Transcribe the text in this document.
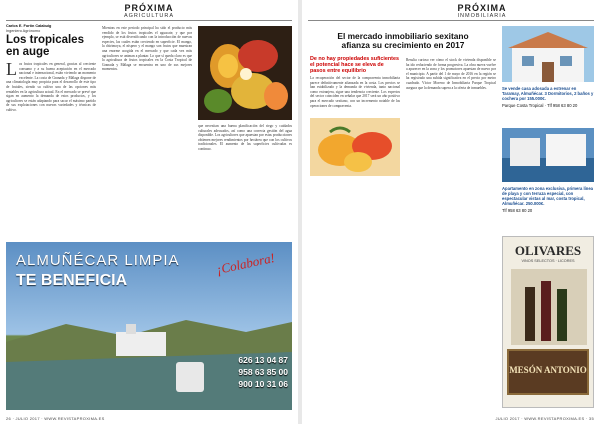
PRÓXIMA
AGRICULTURA
Carlos E. Fortín Calabuig
Ingeniero Agrónomo
Los tropicales
en auge
Los frutos tropicales en general, gracias al creciente consumo y a su buena aceptación en el mercado nacional e internacional, están viviendo un momento excelente. La costa de Granada y Málaga dispone de una climatología muy propicia para el desarrollo de este tipo de frutales, siendo su cultivo una de las opciones más rentables en la agricultura actual. En el mercado se prevé que sigan en aumento la demanda de estos productos, y los agricultores se están adaptando para sacar el máximo partido de sus explotaciones con nuevas variedades y técnicas de cultivo.
Mientras en este periodo principal ha sido el producto más vendido de los frutos tropicales el aguacate, y que por ejemplo, se está diversificando con la introducción de nuevas especies, las cuales están creciendo en superficie. El mango, la chirimoya, el níspero y el mango son frutos que muestran una enorme acogida en el mercado y que cada vez más agricultores se animan a plantar. Lo que sí queda claro es que la agricultura de frutos tropicales en la Costa Tropical de Granada y Málaga se encuentra en uno de sus mejores momentos.
que necesitan una buena planificación del riego y cuidados culturales adecuados, así como una correcta gestión del agua disponible. Los agricultores que apuestan por estas producciones obtienen mejores rendimientos por hectárea que con los cultivos tradicionales. El aumento de las superficies cultivadas es continuo.
ALMUÑÉCAR LIMPIA
TE BENEFICIA
¡Colabora!
626 13 04 87
958 63 85 00
900 10 31 06
26 · JULIO 2017 · WWW.REVISTAPROXIMA.ES
PRÓXIMA
INMOBILIARIA
El mercado inmobiliario sexitano
afianza su crecimiento en 2017
De no hay propiedades suficientes el potencial hace se eleva de pasos entre equilibrio
La recuperación del sector de la compraventa inmobiliaria parece definitivamente afianzada en la costa. Los precios se han estabilizado y la demanda de vivienda, tanto nacional como extranjera, sigue una tendencia creciente. Los expertos del sector coinciden en señalar que 2017 será un año positivo para el mercado sexitano, con un incremento notable de las operaciones de compraventa.
Resulta curioso ver cómo el stock de vivienda disponible se ha ido reduciendo de forma progresiva. La obra nueva vuelve a aparecer en la zona y los promotores apuestan de nuevo por el municipio. A partir del 1 de mayo de 2016 en la región se ha registrado una subida significativa en el precio por metro cuadrado. Víctor Moreno de Inmobiliaria Parque Tropical asegura que la demanda supera a la oferta de inmuebles.	Se vende casa adosada a estrenar en Taramay, Almuñécar. 3 Dormitorios, 2 baños y cochera por 155.000€.
Parque Costa Tropical · Tlf 958 63 80 20
Apartamento en zona exclusiva, primera línea de playa y con terraza especial, con espectacular vistas al mar, costa tropical, Almuñécar. 250.000€.
Tlf 958 63 80 20
OLIVARES
VINOS SELECTOS · LICORES
MESÓN ANTONIO
JULIO 2017 · WWW.REVISTAPROXIMA.ES · 35
